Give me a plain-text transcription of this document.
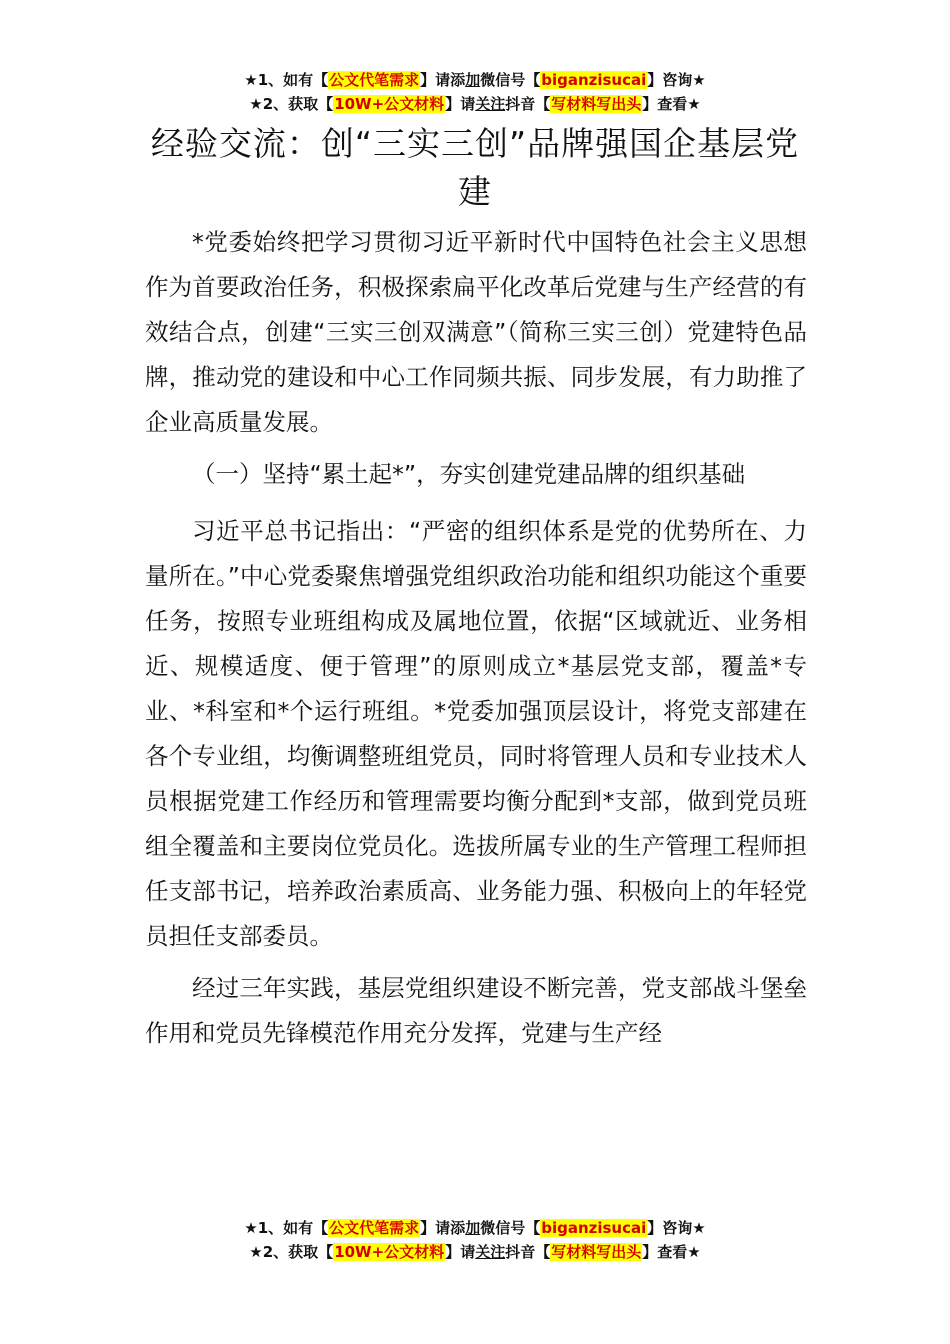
★1、如有【公文代笔需求】请添加微信号【biganzisucai】咨询★
★2、获取【10W+公文材料】请关注抖音【写材料写出头】查看★
经验交流：创“三实三创”品牌强国企基层党建

*党委始终把学习贯彻习近平新时代中国特色社会主义思想作为首要政治任务，积极探索扁平化改革后党建与生产经营的有效结合点，创建“三实三创双满意”（简称三实三创）党建特色品牌，推动党的建设和中心工作同频共振、同步发展，有力助推了企业高质量发展。

（一）坚持“累土起*”，夯实创建党建品牌的组织基础

习近平总书记指出：“严密的组织体系是党的优势所在、力量所在。”中心党委聚焦增强党组织政治功能和组织功能这个重要任务，按照专业班组构成及属地位置，依据“区域就近、业务相近、规模适度、便于管理”的原则成立*基层党支部，覆盖*专业、*科室和*个运行班组。*党委加强顶层设计，将党支部建在各个专业组，均衡调整班组党员，同时将管理人员和专业技术人员根据党建工作经历和管理需要均衡分配到*支部，做到党员班组全覆盖和主要岗位党员化。选拔所属专业的生产管理工程师担任支部书记，培养政治素质高、业务能力强、积极向上的年轻党员担任支部委员。

经过三年实践，基层党组织建设不断完善，党支部战斗堡垒作用和党员先锋模范作用充分发挥，党建与生产经

★1、如有【公文代笔需求】请添加微信号【biganzisucai】咨询★
★2、获取【10W+公文材料】请关注抖音【写材料写出头】查看★
